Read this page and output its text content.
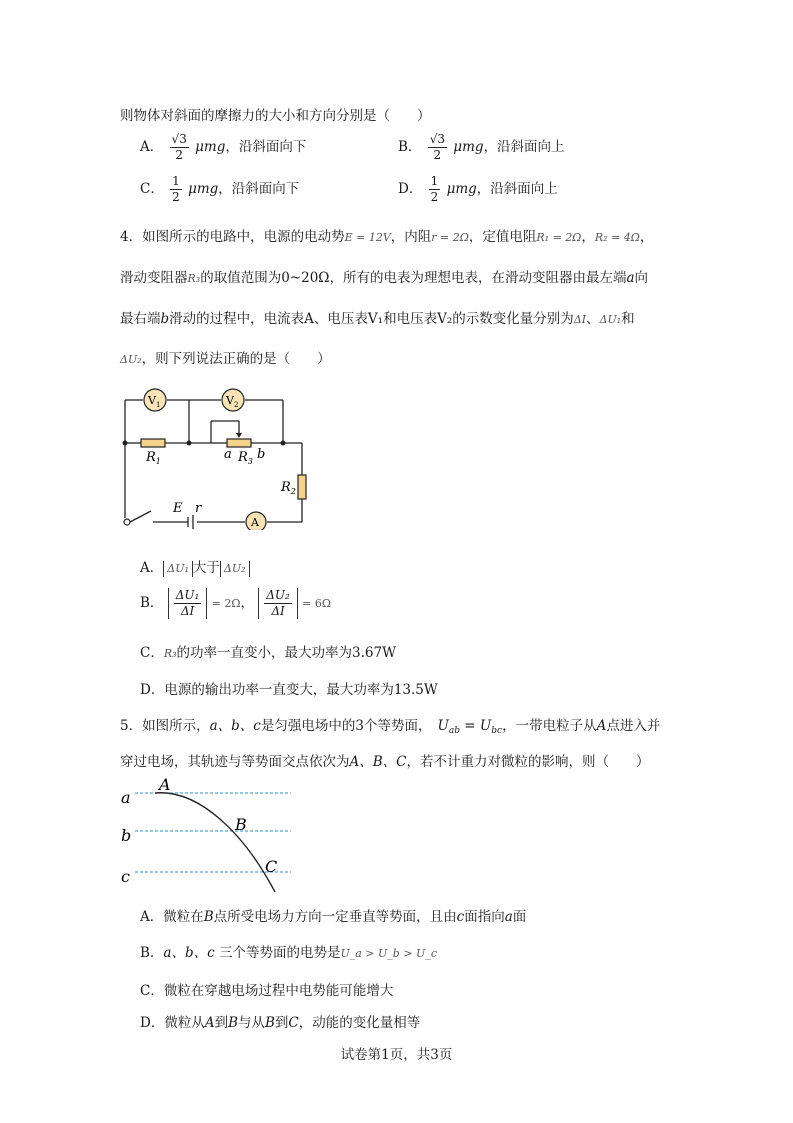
则物体对斜面的摩擦力的大小和方向分别是（　　）
A． $\frac{√3}{2}$ μmg，沿斜面向下	B． $\frac{√3}{2}$ μmg，沿斜面向上
C． $\frac{1}{2}$ μmg，沿斜面向下	D． $\frac{1}{2}$ μmg，沿斜面向上
4．如图所示的电路中，电源的电动势E = 12V，内阻r = 2Ω，定值电阻R₁ = 2Ω，R₂ = 4Ω，
滑动变阻器R₃的取值范围为0~20Ω，所有的电表为理想电表，在滑动变阻器由最左端a向
最右端b滑动的过程中，电流表A、电压表V₁和电压表V₂的示数变化量分别为ΔI、ΔU₁和
ΔU₂，则下列说法正确的是（　　）
$V_1$	$V_2$
A
$R_1$
$R_2$
$R_3$
a b
E r
A． ΔU₁ 大于 ΔU₂
B． $\frac{\text{ΔU₁}}{\Delta I} = 2\Omega$， $\frac{\text{ΔU₂}}{\Delta I} = 6\Omega$
C．R₃的功率一直变小，最大功率为3.67W
D．电源的输出功率一直变大，最大功率为13.5W
5．如图所示，a、b、c是匀强电场中的3个等势面， $U_{ab} = U_{bc}$，一带电粒子从A点进入并
穿过电场，其轨迹与等势面交点依次为A、B、C，若不计重力对微粒的影响，则（　　）
a
b
c
A
B
C
A．微粒在B点所受电场力方向一定垂直等势面，且由c面指向a面
B．a、b、c 三个等势面的电势是U_a > U_b > U_c
C．微粒在穿越电场过程中电势能可能增大
D．微粒从A到B与从B到C，动能的变化量相等
试卷第1页，共3页
